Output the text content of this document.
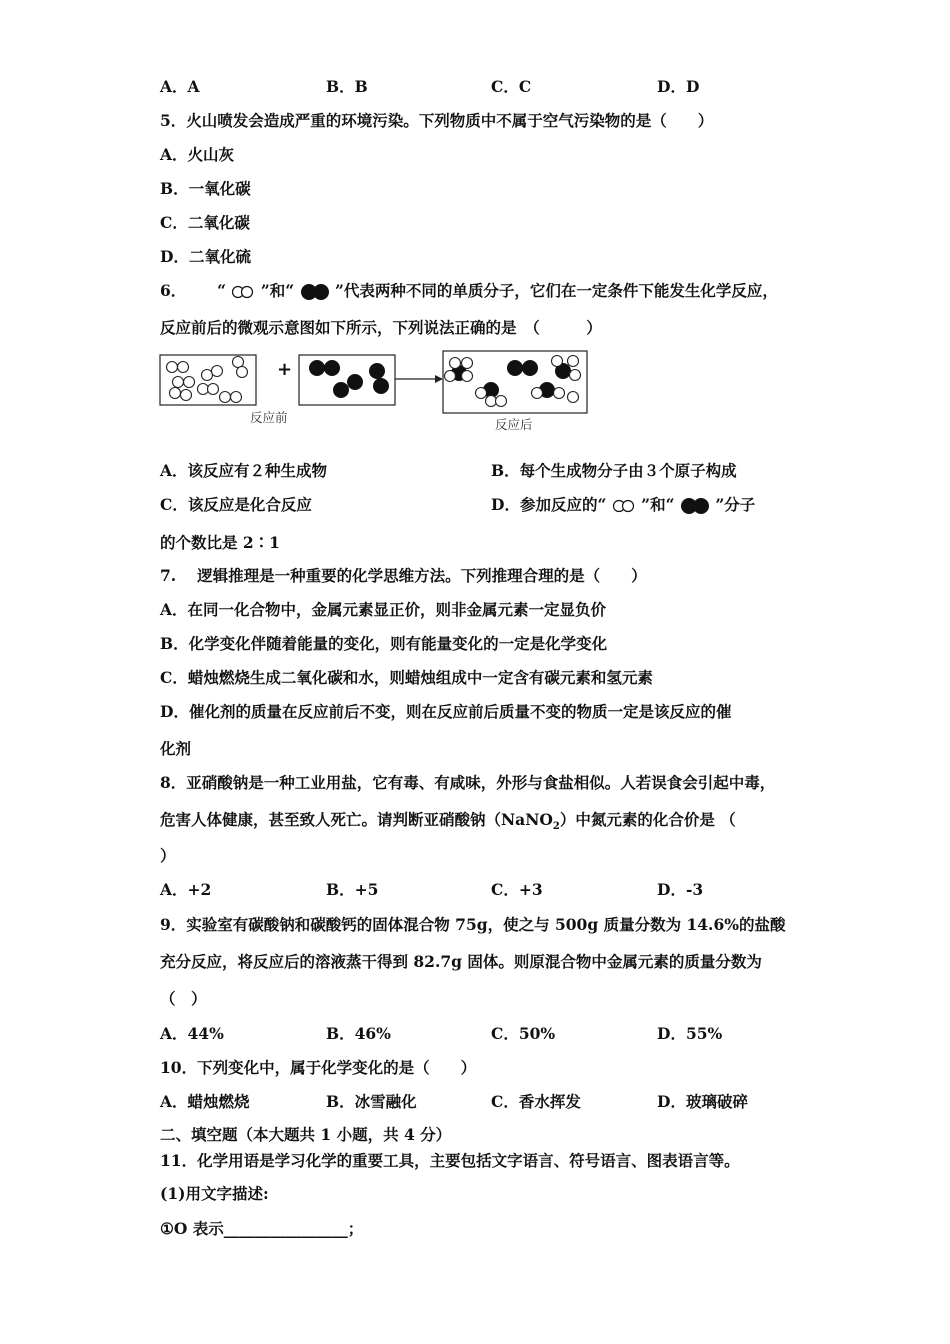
A．A	B．B	C．C	D．D
5．火山喷发会造成严重的环境污染。下列物质中不属于空气污染物的是（　　）
A．火山灰
B．一氧化碳
C．二氧化碳
D．二氧化硫
6． “ ”和“	”代表两种不同的单质分子，它们在一定条件下能发生化学反应，
反应前后的微观示意图如下所示，下列说法正确的是　（　　　）
+
反应前	反应后
A．该反应有２种生成物	B．每个生成物分子由３个原子构成
C．该反应是化合反应	D．参加反应的“ ”和“	”分子
的个数比是 2∶1
7.　 逻辑推理是一种重要的化学思维方法。下列推理合理的是（　　）
A．在同一化合物中，金属元素显正价，则非金属元素一定显负价
B．化学变化伴随着能量的变化，则有能量变化的一定是化学变化
C．蜡烛燃烧生成二氧化碳和水，则蜡烛组成中一定含有碳元素和氢元素
D．催化剂的质量在反应前后不变，则在反应前后质量不变的物质一定是该反应的催
化剂
8．亚硝酸钠是一种工业用盐，它有毒、有咸味，外形与食盐相似。人若误食会引起中毒，
危害人体健康，甚至致人死亡。请判断亚硝酸钠（NaNO$_2$）中氮元素的化合价是 （
）
A．+2	B．+5	C．+3	D．-3
9．实验室有碳酸钠和碳酸钙的固体混合物 75g，使之与 500g 质量分数为 14.6%的盐酸
充分反应，将反应后的溶液蒸干得到 82.7g 固体。则原混合物中金属元素的质量分数为
（　）
A．44%	B．46%	C．50%	D．55%
10．下列变化中，属于化学变化的是（　　）
A．蜡烛燃烧	B．冰雪融化	C．香水挥发	D．玻璃破碎
二、填空题（本大题共 1 小题，共 4 分）
11．化学用语是学习化学的重要工具，主要包括文字语言、符号语言、图表语言等。
(1)用文字描述:
①O 表示________________；
